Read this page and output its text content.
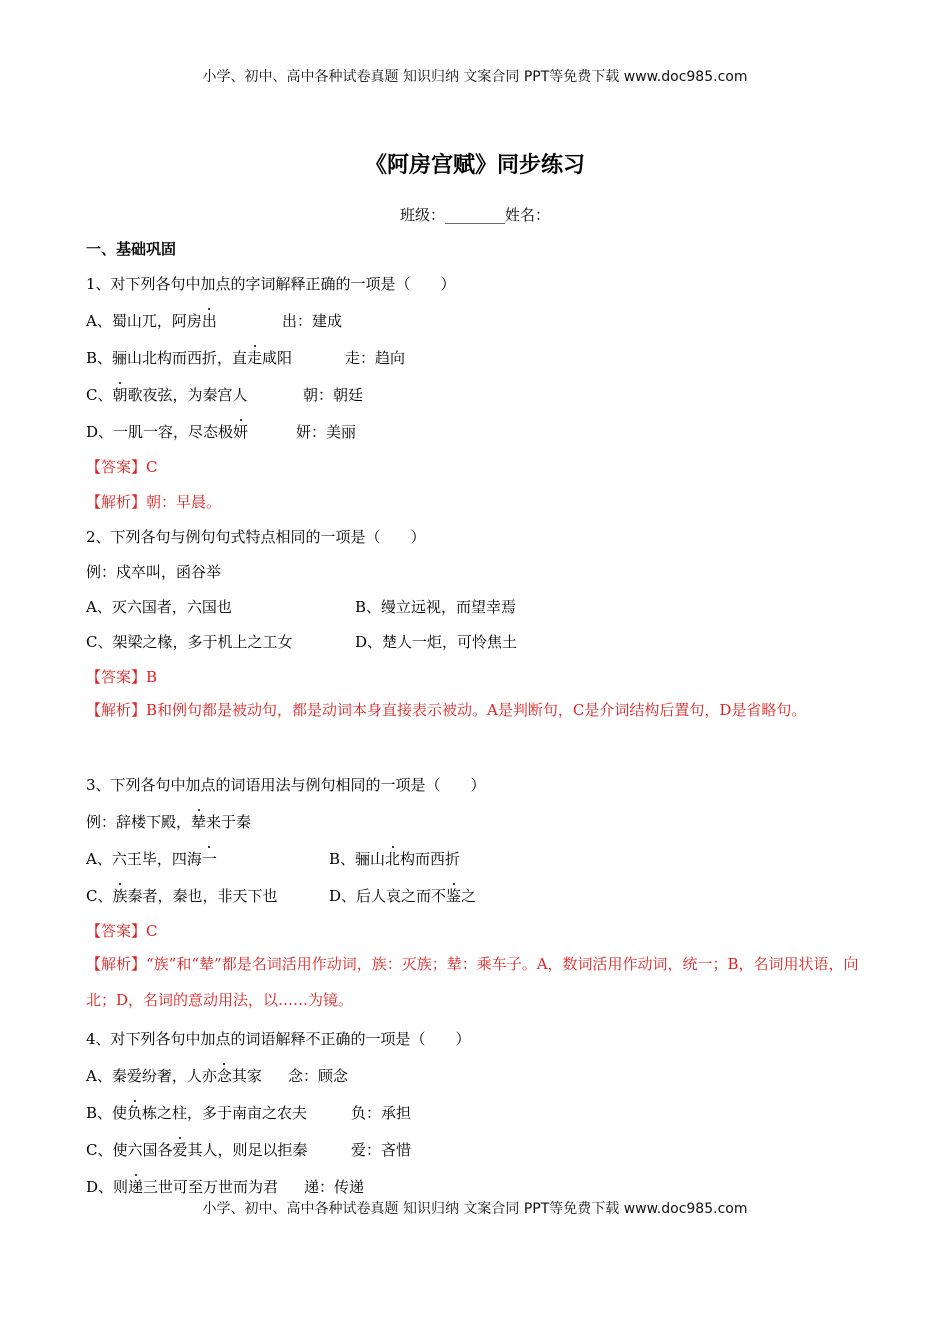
小学、初中、高中各种试卷真题 知识归纳 文案合同 PPT等免费下载 www.doc985.com
《阿房宫赋》同步练习
班级：________姓名：
一、基础巩固
1、对下列各句中加点的字词解释正确的一项是（　　）
A、蜀山兀，阿房出	出：建成
B、骊山北构而西折，直走咸阳	走：趋向
C、朝歌夜弦，为秦宫人	朝：朝廷
D、一肌一容，尽态极妍	妍：美丽
【答案】C
【解析】朝：早晨。
2、下列各句与例句句式特点相同的一项是（　　）
例：戍卒叫，函谷举
A、灭六国者，六国也	B、缦立远视，而望幸焉
C、架梁之椽，多于机上之工女	D、楚人一炬，可怜焦土
【答案】B
【解析】B和例句都是被动句，都是动词本身直接表示被动。A是判断句，C是介词结构后置句，D是省略句。
3、下列各句中加点的词语用法与例句相同的一项是（　　）
例：辞楼下殿，辇来于秦
A、六王毕，四海一	B、骊山北构而西折
C、族秦者，秦也，非天下也	D、后人哀之而不鉴之
【答案】C
【解析】“族”和“辇”都是名词活用作动词，族：灭族；辇：乘车子。A，数词活用作动词，统一；B，名词用状语，向北；D，名词的意动用法，以……为镜。
4、对下列各句中加点的词语解释不正确的一项是（　　）
A、秦爱纷奢，人亦念其家 念：顾念
B、使负栋之柱，多于南亩之农夫	负：承担
C、使六国各爱其人，则足以拒秦	爱：吝惜
D、则递三世可至万世而为君 递：传递
小学、初中、高中各种试卷真题 知识归纳 文案合同 PPT等免费下载 www.doc985.com
